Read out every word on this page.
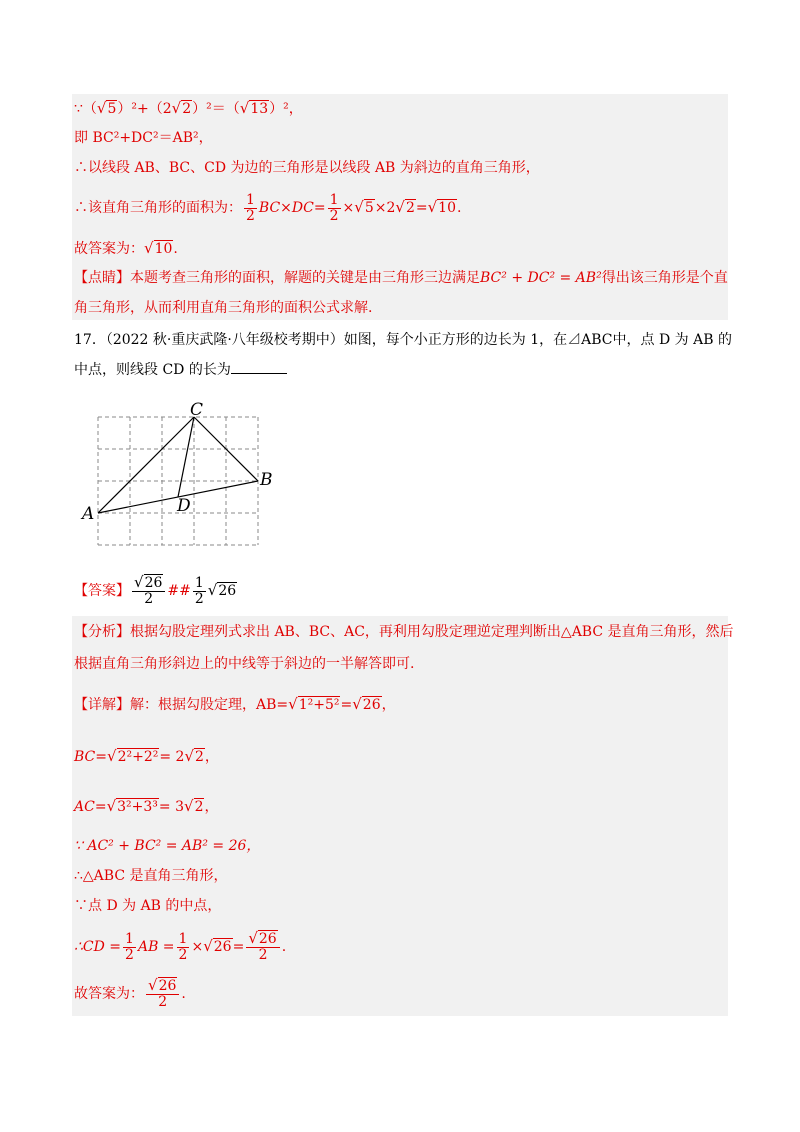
∵（√5）²+（2√2）²＝（√13）²，
即 BC²+DC²＝AB²，
∴以线段 AB、BC、CD 为边的三角形是以线段 AB 为斜边的直角三角形，
∴该直角三角形的面积为： $\frac{1}{2} BC\times DC= \frac{1}{2} \times√5\times 2√2=√10$.
故答案为：√10.
【点睛】本题考查三角形的面积，解题的关键是由三角形三边满足BC² + DC² = AB²得出该三角形是个直
角三角形，从而利用直角三角形的面积公式求解.
17．（2022 秋·重庆武隆·八年级校考期中）如图，每个小正方形的边长为 1，在⊿ABC中，点 D 为 AB 的
中点，则线段 CD 的长为
C
B
A	D
【答案】 $\frac{√26}{2}$ ## $\frac{1}{2} √26$
【分析】根据勾股定理列式求出 AB、BC、AC，再利用勾股定理逆定理判断出△ABC 是直角三角形，然后
根据直角三角形斜边上的中线等于斜边的一半解答即可.
【详解】解：根据勾股定理，AB=√1²+5²=√26，
BC=√2²+2²= 2√2，
AC=√3²+3³= 3√2，
∵ AC² + BC² = AB² = 26，
∴△ABC 是直角三角形，
∵点 D 为 AB 的中点，
∴CD = $\frac{1}{2}$ AB = $\frac{1}{2} \times√26= \frac{√26}{2}$ .
故答案为： $\frac{√26}{2}$ .
